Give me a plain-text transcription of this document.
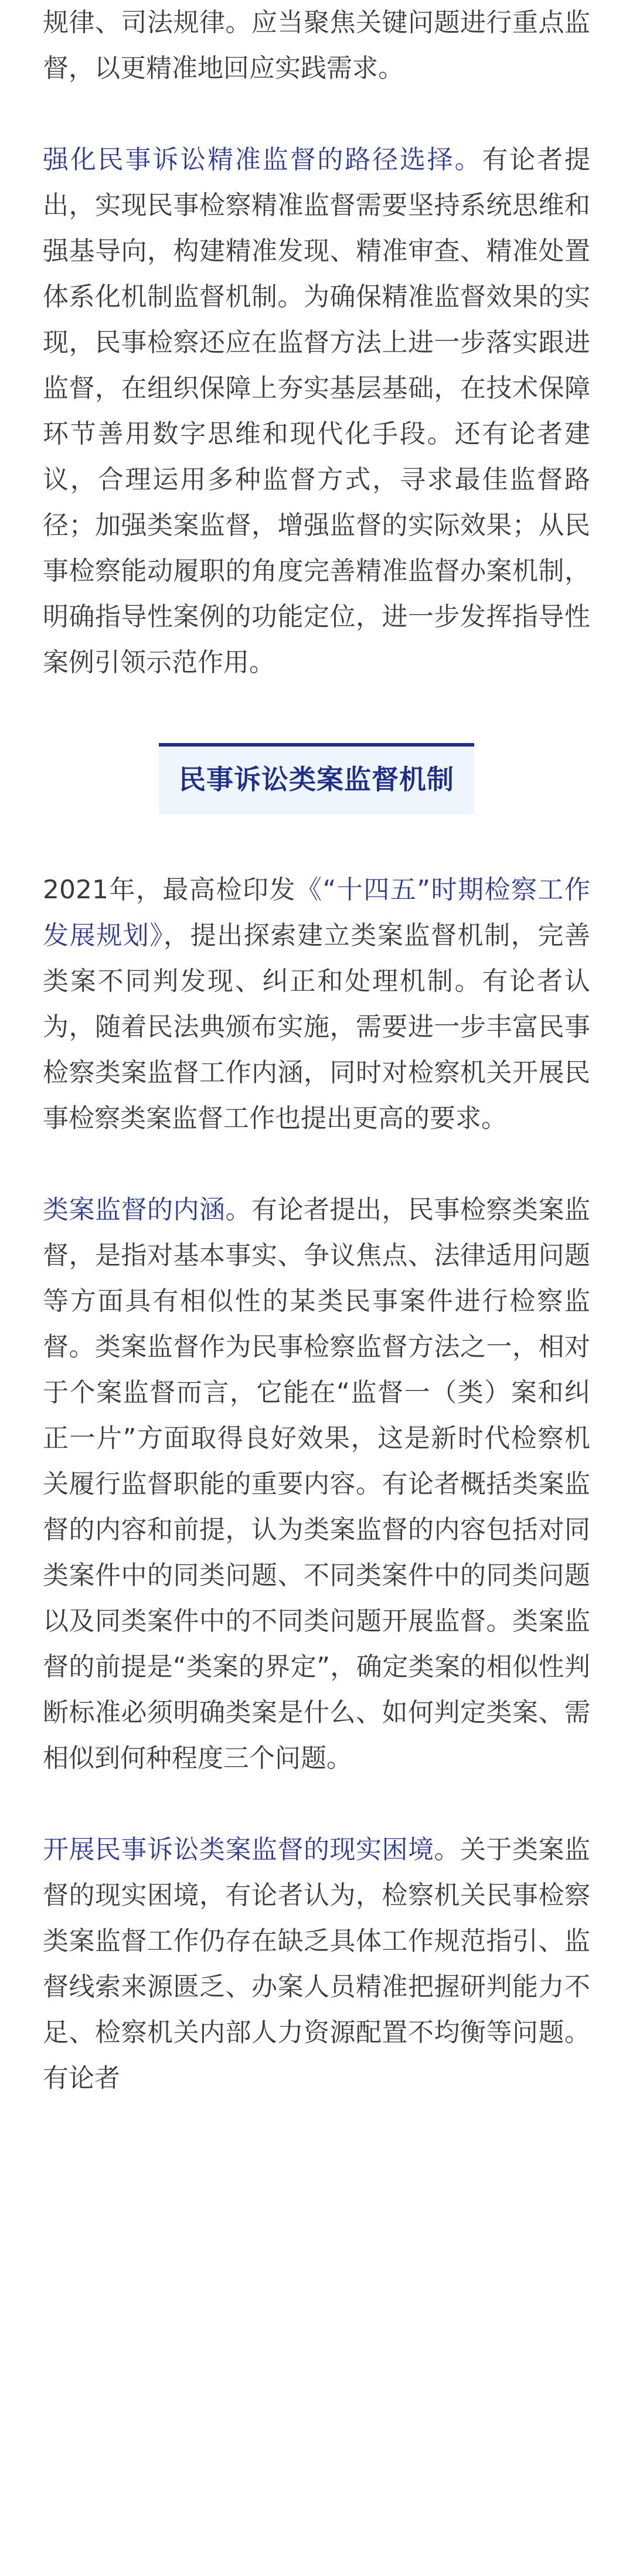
规律、司法规律。应当聚焦关键问题进行重点监督，以更精准地回应实践需求。

强化民事诉讼精准监督的路径选择。有论者提出，实现民事检察精准监督需要坚持系统思维和强基导向，构建精准发现、精准审查、精准处置体系化机制监督机制。为确保精准监督效果的实现，民事检察还应在监督方法上进一步落实跟进监督，在组织保障上夯实基层基础，在技术保障环节善用数字思维和现代化手段。还有论者建议，合理运用多种监督方式，寻求最佳监督路径；加强类案监督，增强监督的实际效果；从民事检察能动履职的角度完善精准监督办案机制，明确指导性案例的功能定位，进一步发挥指导性案例引领示范作用。

民事诉讼类案监督机制

2021年，最高检印发《“十四五”时期检察工作发展规划》，提出探索建立类案监督机制，完善类案不同判发现、纠正和处理机制。有论者认为，随着民法典颁布实施，需要进一步丰富民事检察类案监督工作内涵，同时对检察机关开展民事检察类案监督工作也提出更高的要求。

类案监督的内涵。有论者提出，民事检察类案监督，是指对基本事实、争议焦点、法律适用问题等方面具有相似性的某类民事案件进行检察监督。类案监督作为民事检察监督方法之一，相对于个案监督而言，它能在“监督一（类）案和纠正一片”方面取得良好效果，这是新时代检察机关履行监督职能的重要内容。有论者概括类案监督的内容和前提，认为类案监督的内容包括对同类案件中的同类问题、不同类案件中的同类问题以及同类案件中的不同类问题开展监督。类案监督的前提是“类案的界定”，确定类案的相似性判断标准必须明确类案是什么、如何判定类案、需相似到何种程度三个问题。

开展民事诉讼类案监督的现实困境。关于类案监督的现实困境，有论者认为，检察机关民事检察类案监督工作仍存在缺乏具体工作规范指引、监督线索来源匮乏、办案人员精准把握研判能力不足、检察机关内部人力资源配置不均衡等问题。有论者
